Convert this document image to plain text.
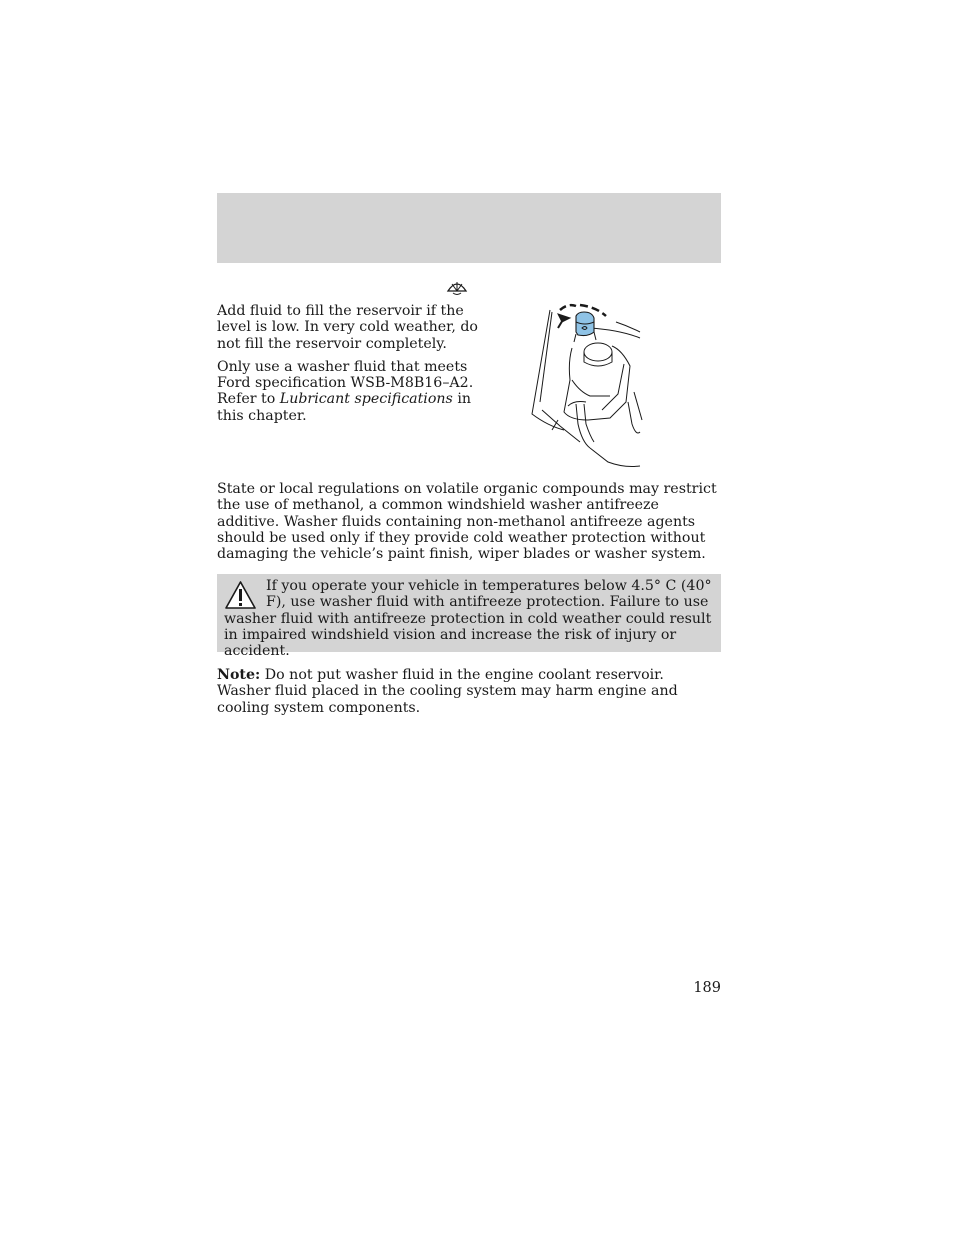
Add fluid to fill the reservoir if the level is low. In very cold weather, do not fill the reservoir completely.

Only use a washer fluid that meets Ford specification WSB-M8B16–A2. Refer to Lubricant specifications in this chapter.

State or local regulations on volatile organic compounds may restrict the use of methanol, a common windshield washer antifreeze additive. Washer fluids containing non-methanol antifreeze agents should be used only if they provide cold weather protection without damaging the vehicle’s paint finish, wiper blades or washer system.

If you operate your vehicle in temperatures below 4.5° C (40° F), use washer fluid with antifreeze protection. Failure to use washer fluid with antifreeze protection in cold weather could result in impaired windshield vision and increase the risk of injury or accident.

Note: Do not put washer fluid in the engine coolant reservoir. Washer fluid placed in the cooling system may harm engine and cooling system components.

189
